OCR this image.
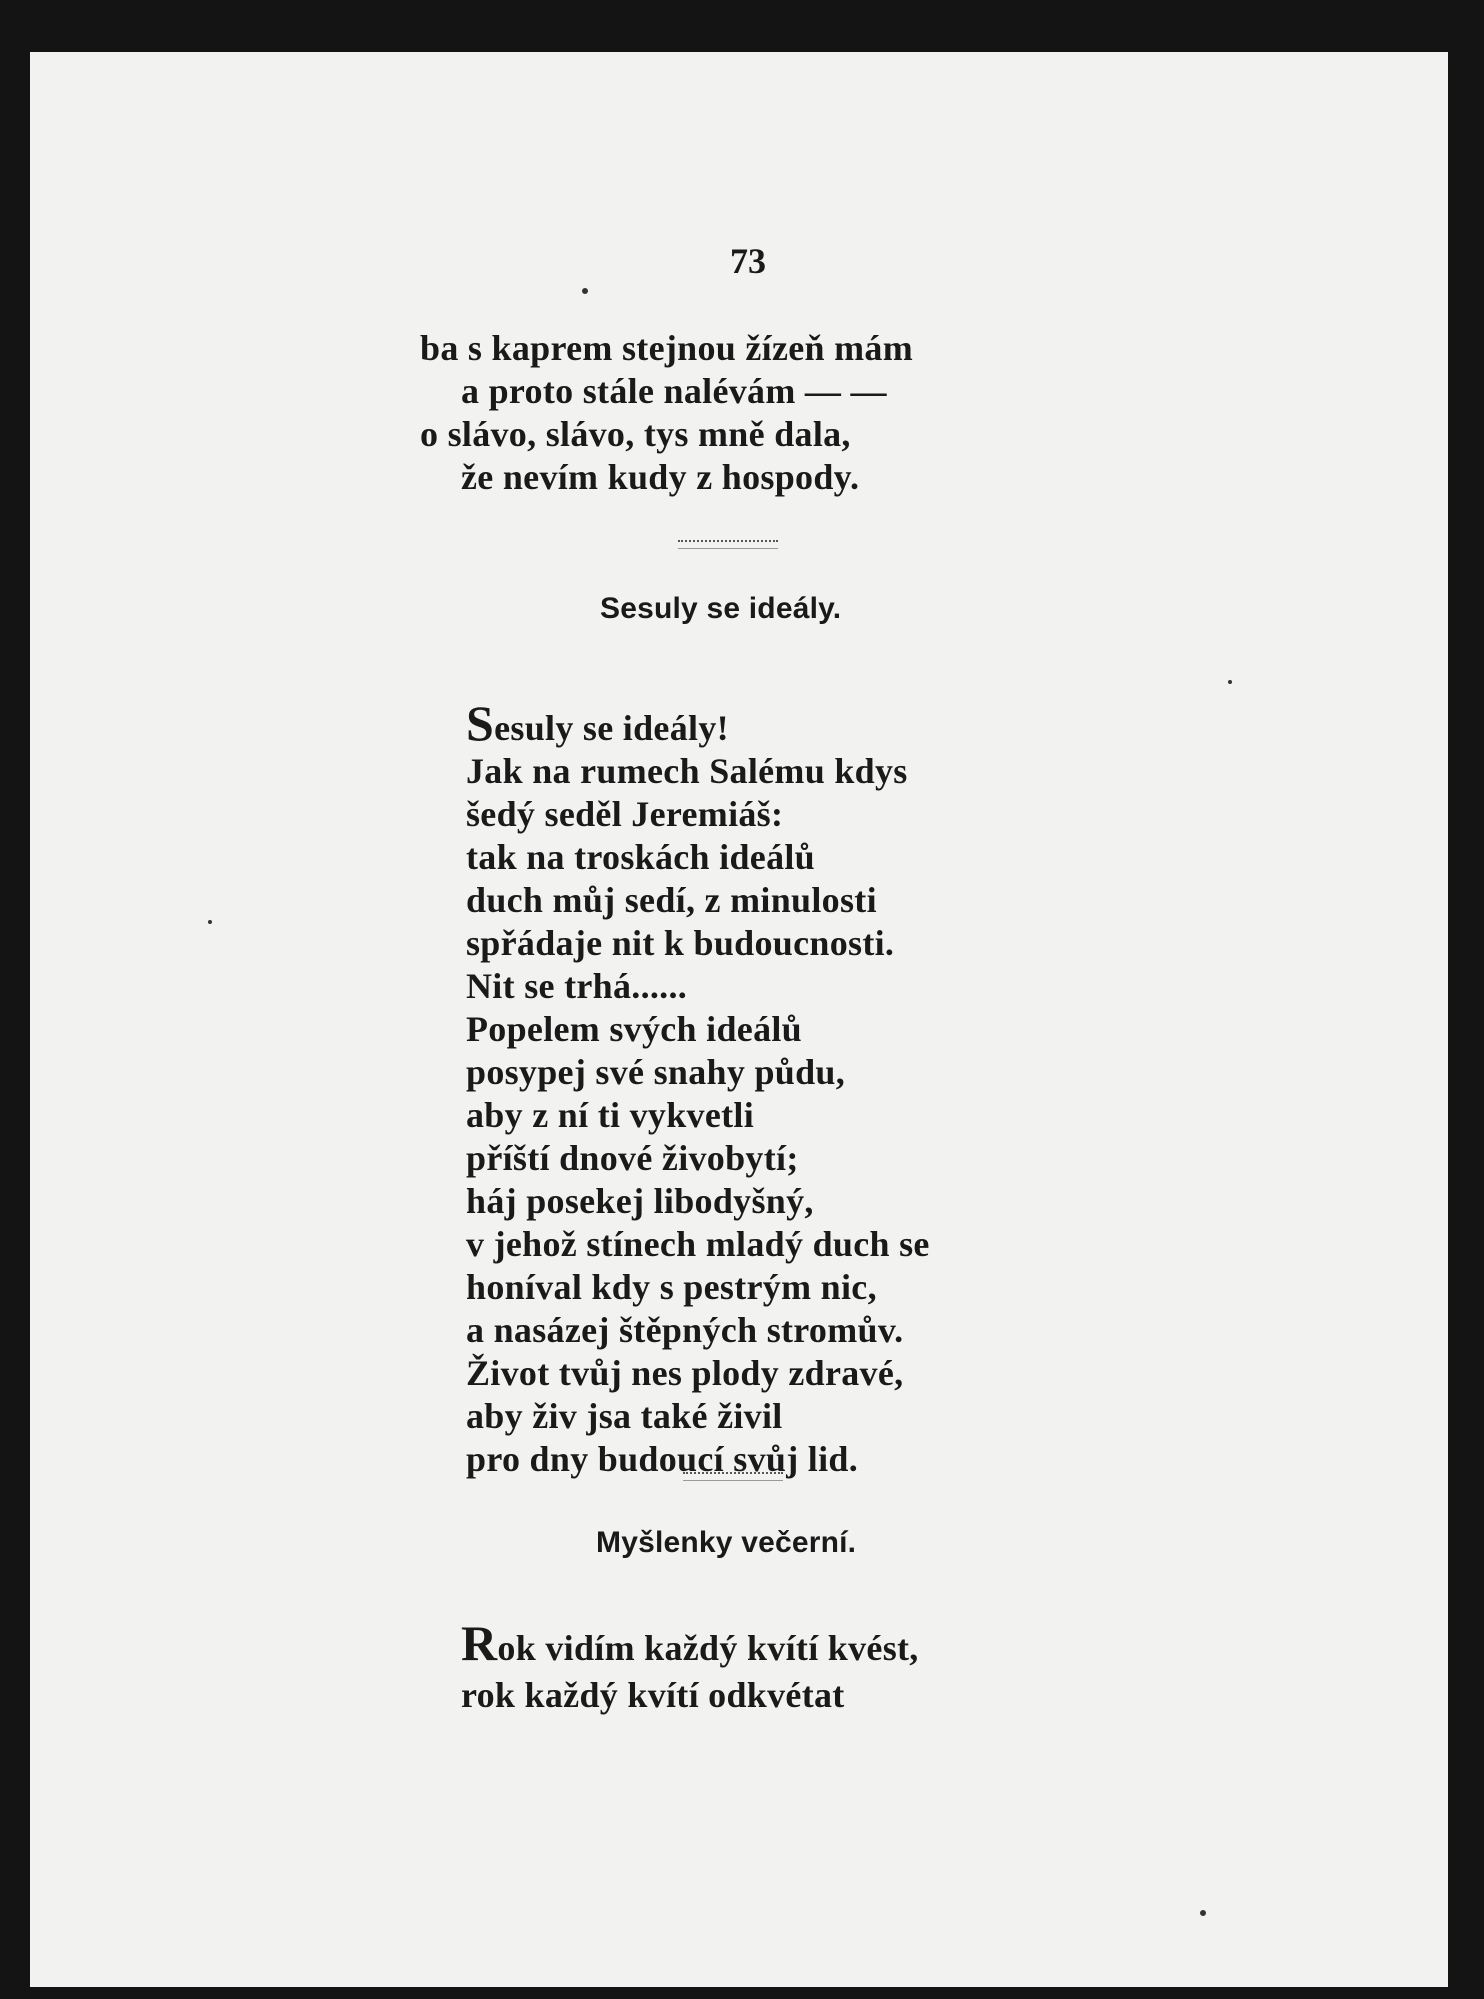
73
ba s kaprem stejnou žízeň mám
a proto stále nalévám — —
o slávo, slávo, tys mně dala,
že nevím kudy z hospody.
Sesuly se ideály.
Sesuly se ideály!
Jak na rumech Salému kdys
šedý seděl Jeremiáš:
tak na troskách ideálů
duch můj sedí, z minulosti
spřádaje nit k budoucnosti.
Nit se trhá......
Popelem svých ideálů
posypej své snahy půdu,
aby z ní ti vykvetli
příští dnové živobytí;
háj posekej libodyšný,
v jehož stínech mladý duch se
honíval kdy s pestrým nic,
a nasázej štěpných stromův.
Život tvůj nes plody zdravé,
aby živ jsa také živil
pro dny budoucí svůj lid.
Myšlenky večerní.
Rok vidím každý kvítí kvést,
rok každý kvítí odkvétat
